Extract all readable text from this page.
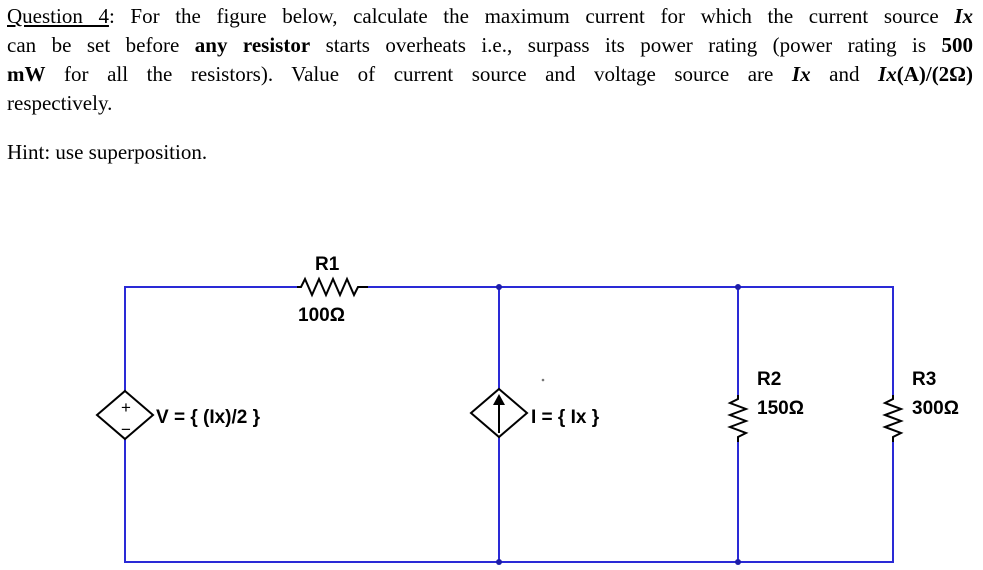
Question 4: For the figure below, calculate the maximum current for which the current source Ix
can be set before any resistor starts overheats i.e., surpass its power rating (power rating is 500
mW for all the resistors). Value of current source and voltage source are Ix and Ix(A)/(2Ω)
respectively.
Hint: use superposition.
+
−
R1
100Ω
R2
150Ω
R3
300Ω
V = { (Ix)/2 }	I = { Ix }
